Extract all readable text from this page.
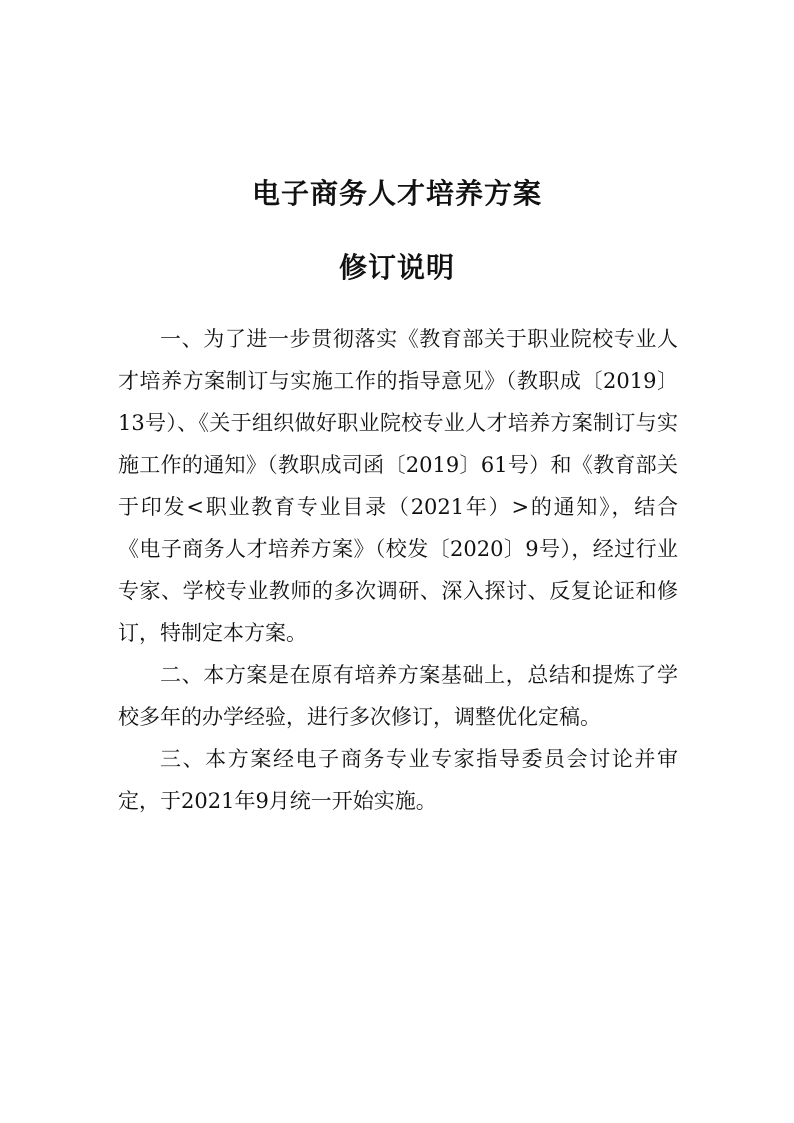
电子商务人才培养方案
修订说明

一、为了进一步贯彻落实《教育部关于职业院校专业人才培养方案制订与实施工作的指导意见》（教职成〔2019〕13号）、《关于组织做好职业院校专业人才培养方案制订与实施工作的通知》（教职成司函〔2019〕61号）和《教育部关于印发<职业教育专业目录（2021年）>的通知》，结合《电子商务人才培养方案》（校发〔2020〕9号），经过行业专家、学校专业教师的多次调研、深入探讨、反复论证和修订，特制定本方案。

二、本方案是在原有培养方案基础上，总结和提炼了学校多年的办学经验，进行多次修订，调整优化定稿。

三、本方案经电子商务专业专家指导委员会讨论并审定，于2021年9月统一开始实施。
